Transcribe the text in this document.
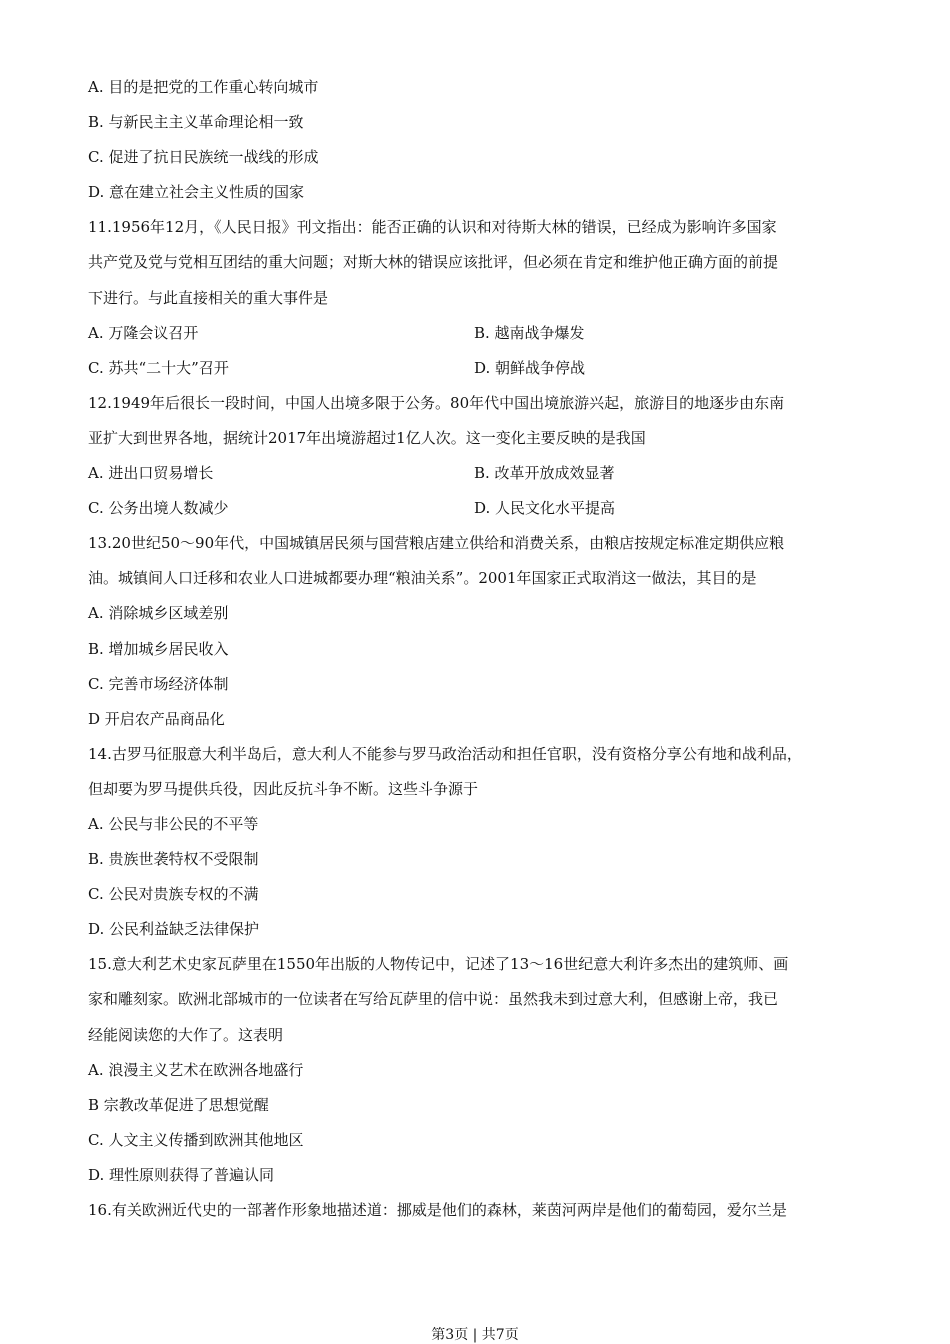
A. 目的是把党的工作重心转向城市
B. 与新民主主义革命理论相一致
C. 促进了抗日民族统一战线的形成
D. 意在建立社会主义性质的国家
11.1956年12月，《人民日报》刊文指出：能否正确的认识和对待斯大林的错误，已经成为影响许多国家
共产党及党与党相互团结的重大问题；对斯大林的错误应该批评，但必须在肯定和维护他正确方面的前提
下进行。与此直接相关的重大事件是
A. 万隆会议召开	B. 越南战争爆发
C. 苏共“二十大”召开	D. 朝鲜战争停战
12.1949年后很长一段时间，中国人出境多限于公务。80年代中国出境旅游兴起，旅游目的地逐步由东南
亚扩大到世界各地，据统计2017年出境游超过1亿人次。这一变化主要反映的是我国
A. 进出口贸易增长	B. 改革开放成效显著
C. 公务出境人数减少	D. 人民文化水平提高
13.20世纪50～90年代，中国城镇居民须与国营粮店建立供给和消费关系，由粮店按规定标准定期供应粮
油。城镇间人口迁移和农业人口进城都要办理“粮油关系”。2001年国家正式取消这一做法，其目的是
A. 消除城乡区域差别
B. 增加城乡居民收入
C. 完善市场经济体制
D 开启农产品商品化
14.古罗马征服意大利半岛后，意大利人不能参与罗马政治活动和担任官职，没有资格分享公有地和战利品，
但却要为罗马提供兵役，因此反抗斗争不断。这些斗争源于
A. 公民与非公民的不平等
B. 贵族世袭特权不受限制
C. 公民对贵族专权的不满
D. 公民利益缺乏法律保护
15.意大利艺术史家瓦萨里在1550年出版的人物传记中，记述了13～16世纪意大利许多杰出的建筑师、画
家和雕刻家。欧洲北部城市的一位读者在写给瓦萨里的信中说：虽然我未到过意大利，但感谢上帝，我已
经能阅读您的大作了。这表明
A. 浪漫主义艺术在欧洲各地盛行
B 宗教改革促进了思想觉醒
C. 人文主义传播到欧洲其他地区
D. 理性原则获得了普遍认同
16.有关欧洲近代史的一部著作形象地描述道：挪威是他们的森林，莱茵河两岸是他们的葡萄园，爱尔兰是
第3页 | 共7页
